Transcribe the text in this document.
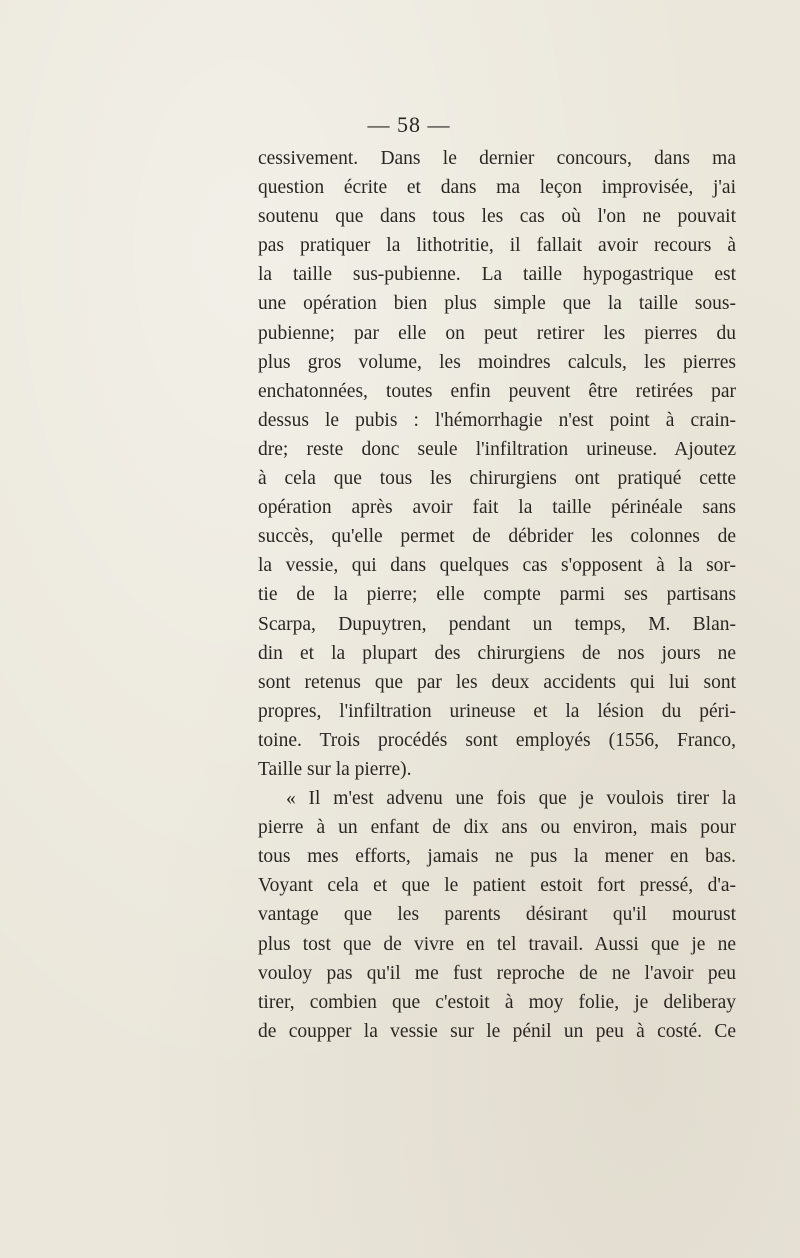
— 58 —
cessivement. Dans le dernier concours, dans ma
question écrite et dans ma leçon improvisée, j'ai
soutenu que dans tous les cas où l'on ne pouvait
pas pratiquer la lithotritie, il fallait avoir recours à
la taille sus-pubienne. La taille hypogastrique est
une opération bien plus simple que la taille sous-
pubienne; par elle on peut retirer les pierres du
plus gros volume, les moindres calculs, les pierres
enchatonnées, toutes enfin peuvent être retirées par
dessus le pubis : l'hémorrhagie n'est point à crain-
dre; reste donc seule l'infiltration urineuse. Ajoutez
à cela que tous les chirurgiens ont pratiqué cette
opération après avoir fait la taille périnéale sans
succès, qu'elle permet de débrider les colonnes de
la vessie, qui dans quelques cas s'opposent à la sor-
tie de la pierre; elle compte parmi ses partisans
Scarpa, Dupuytren, pendant un temps, M. Blan-
din et la plupart des chirurgiens de nos jours ne
sont retenus que par les deux accidents qui lui sont
propres, l'infiltration urineuse et la lésion du péri-
toine. Trois procédés sont employés (1556, Franco,
Taille sur la pierre).
« Il m'est advenu une fois que je voulois tirer la
pierre à un enfant de dix ans ou environ, mais pour
tous mes efforts, jamais ne pus la mener en bas.
Voyant cela et que le patient estoit fort pressé, d'a-
vantage que les parents désirant qu'il mourust
plus tost que de vivre en tel travail. Aussi que je ne
vouloy pas qu'il me fust reproche de ne l'avoir peu
tirer, combien que c'estoit à moy folie, je deliberay
de coupper la vessie sur le pénil un peu à costé. Ce
